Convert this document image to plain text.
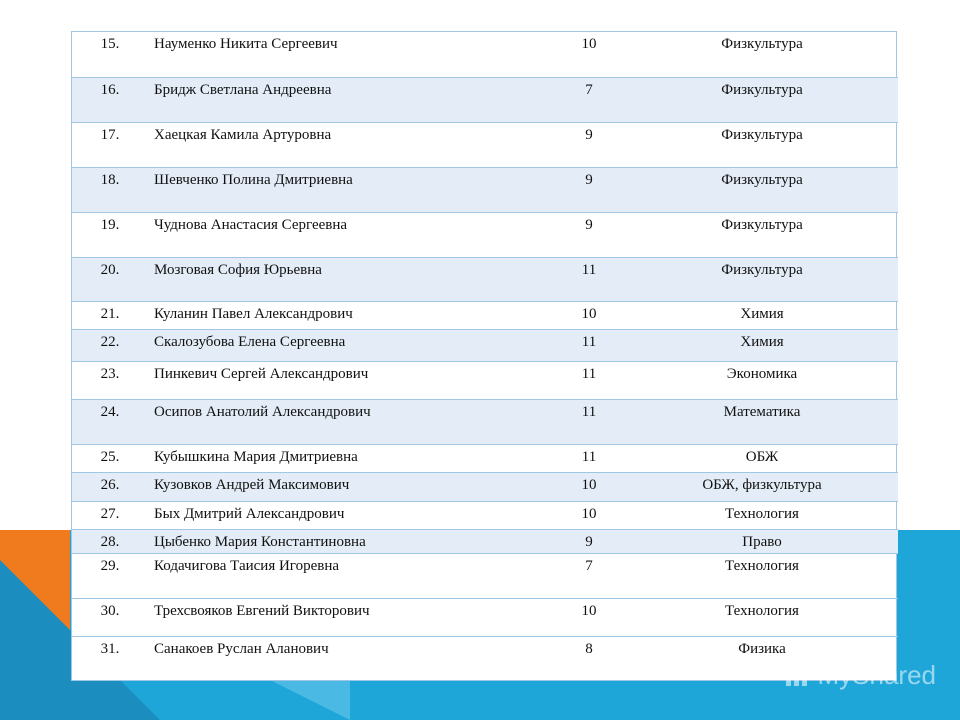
15.	Науменко Никита Сергеевич	10	Физкультура
16.	Бридж Светлана Андреевна	7	Физкультура
17.	Хаецкая Камила Артуровна	9	Физкультура
18.	Шевченко Полина Дмитриевна	9	Физкультура
19.	Чуднова Анастасия Сергеевна	9	Физкультура
20.	Мозговая София Юрьевна	11	Физкультура
21.	Куланин Павел Александрович	10	Химия
22.	Скалозубова Елена Сергеевна	11	Химия
23.	Пинкевич Сергей Александрович	11	Экономика
24.	Осипов Анатолий Александрович	11	Математика
25.	Кубышкина Мария Дмитриевна	11	ОБЖ
26.	Кузовков Андрей Максимович	10	ОБЖ, физкультура
27.	Быx Дмитрий Александрович	10	Технология
28.	Цыбенко Мария Константиновна	9	Право
29.	Кодачигова Таисия Игоревна	7	Технология
30.	Трехсвояков Евгений Викторович	10	Технология
31.	Санакоев Руслан Аланович	8	Физика
MyShared
